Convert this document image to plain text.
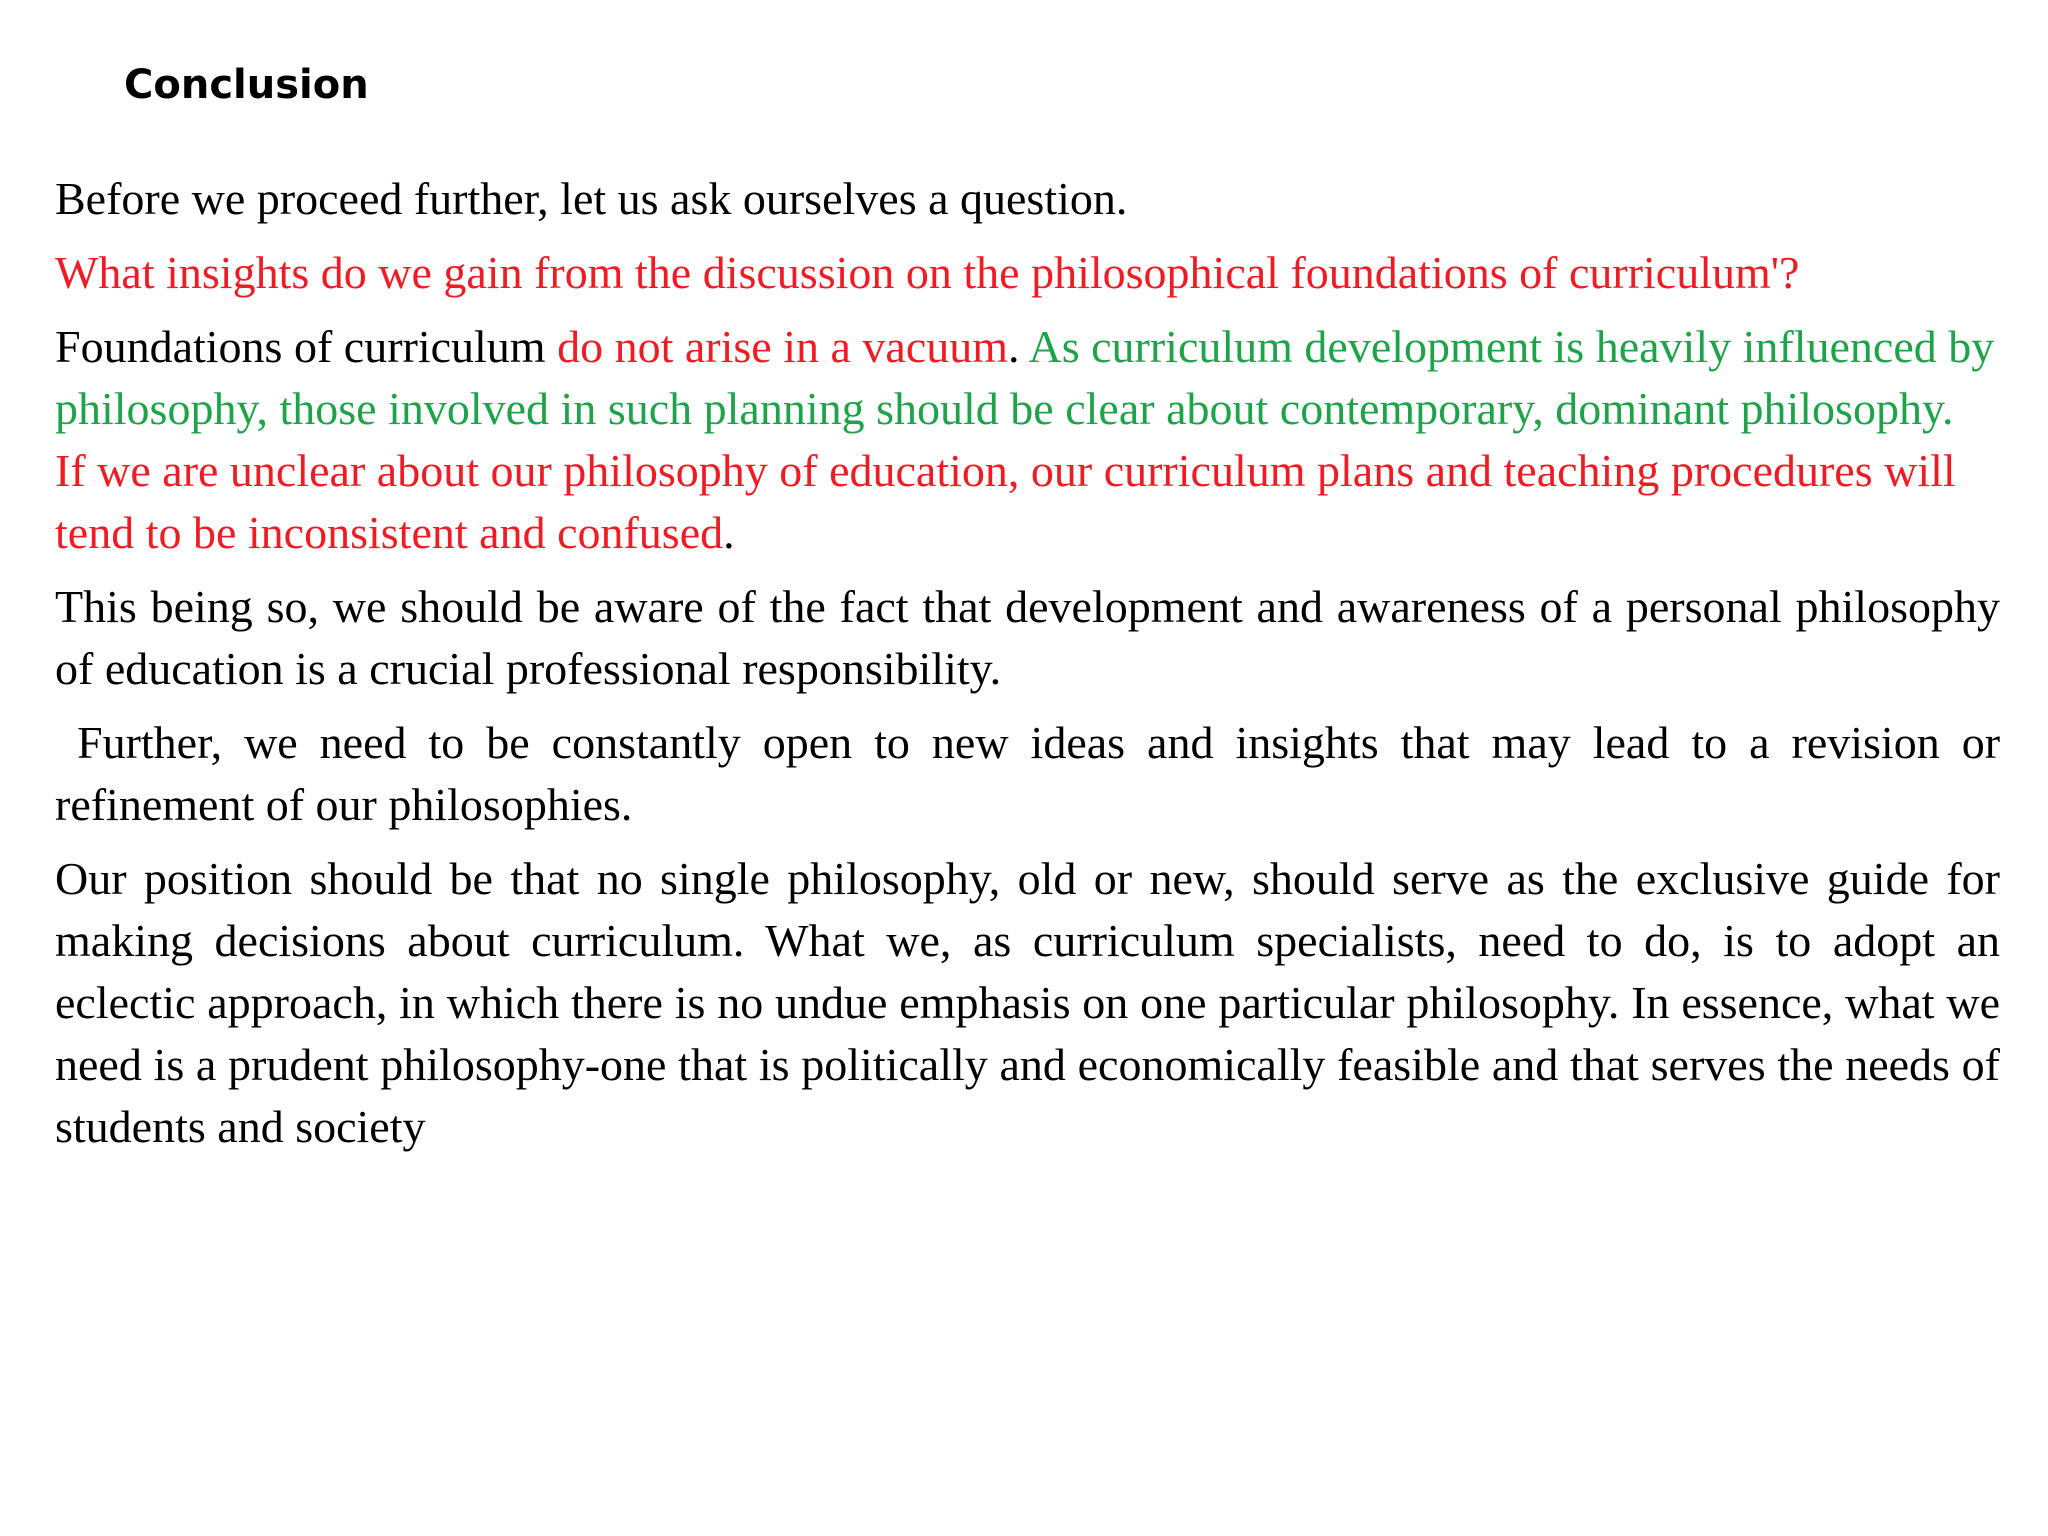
Conclusion

Before we proceed further, let us ask ourselves a question.

What insights do we gain from the discussion on the philosophical foundations of curriculum'?

Foundations of curriculum do not arise in a vacuum. As curriculum development is heavily influenced by philosophy, those involved in such planning should be clear about contemporary, dominant philosophy.

If we are unclear about our philosophy of education, our curriculum plans and teaching procedures will tend to be inconsistent and confused.

This being so, we should be aware of the fact that development and awareness of a personal philosophy of education is a crucial professional responsibility.

Further, we need to be constantly open to new ideas and insights that may lead to a revision or refinement of our philosophies.

Our position should be that no single philosophy, old or new, should serve as the exclusive guide for making decisions about curriculum. What we, as curriculum specialists, need to do, is to adopt an eclectic approach, in which there is no undue emphasis on one particular philosophy. In essence, what we need is a prudent philosophy-one that is politically and economically feasible and that serves the needs of students and society
